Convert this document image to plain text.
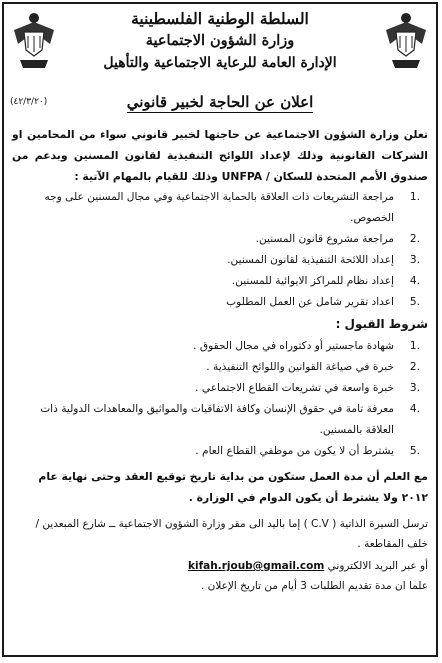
السلطة الوطنية الفلسطينية
وزارة الشؤون الاجتماعية
الإدارة العامة للرعاية الاجتماعية والتأهيل
(٤٢/٣/٢٠)	اعلان عن الحاجة لخبير قانوني
تعلن وزارة الشؤون الاجتماعية عن حاجتها لخبير قانوني سواء من المحامين او الشركات القانونية وذلك لإعداد اللوائح التنفيذية لقانون المسنين وبدعم من صندوق الأمم المتحدة للسكان / UNFPA وذلك للقيام بالمهام الآتية :
1.
مراجعة التشريعات ذات العلاقة بالحماية الاجتماعية وفي مجال المسنين على وجه الخصوص.
2.
مراجعة مشروع قانون المسنين.
3.
إعداد اللائحة التنفيذية لقانون المسنين.
4.
إعداد نظام للمراكز الايوائية للمسنين.
5.
اعداد تقرير شامل عن العمل المطلوب
شروط القبول :
1.
شهادة ماجستير أو دكتوراه في مجال الحقوق .
2.
خبرة في صياغة القوانين واللوائح التنفيذية .
3.
خبرة واسعة في تشريعات القطاع الاجتماعي .
4.
معرفة تامة في حقوق الإنسان وكافة الاتفاقيات والمواثيق والمعاهدات الدولية ذات العلاقة بالمسنين.
5.
يشترط أن لا يكون من موظفي القطاع العام .
مع العلم أن مدة العمل ستكون من بداية تاريخ توقيع العقد وحتى نهاية عام ٢٠١٢ ولا يشترط أن يكون الدوام في الوزارة .
ترسل السيرة الذاتية ( C.V ) إما باليد الى مقر وزارة الشؤون الاجتماعية ــ شارع المبعدين / خلف المقاطعة .
أو عبر البريد الالكتروني kifah.rjoub@gmail.com
علما ان مدة تقديم الطلبات 3 أيام من تاريخ الإعلان .
